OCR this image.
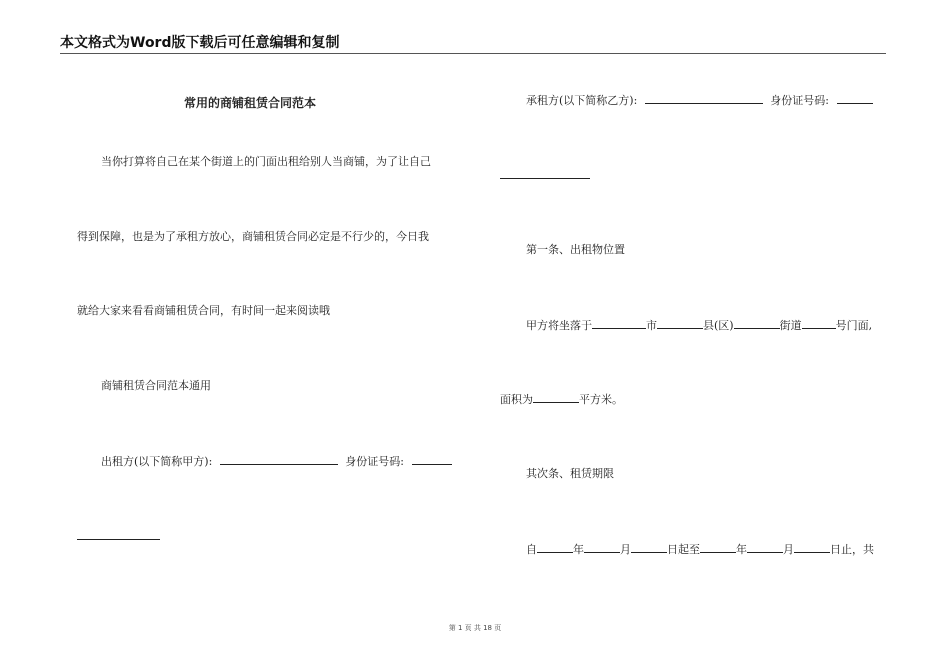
本文格式为Word版下载后可任意编辑和复制
常用的商铺租赁合同范本
当你打算将自己在某个街道上的门面出租给别人当商铺，为了让自己
得到保障，也是为了承租方放心，商铺租赁合同必定是不行少的，今日我
就给大家来看看商铺租赁合同，有时间一起来阅读哦
商铺租赁合同范本通用
出租方(以下简称甲方):	身份证号码:
承租方(以下简称乙方):	身份证号码:
第一条、出租物位置
甲方将坐落于	市	县(区)	街道	号门面,
面积为	平方米。
其次条、租赁期限
自	年	月	日起至	年	月	日止，共
第 1 页 共 18 页
